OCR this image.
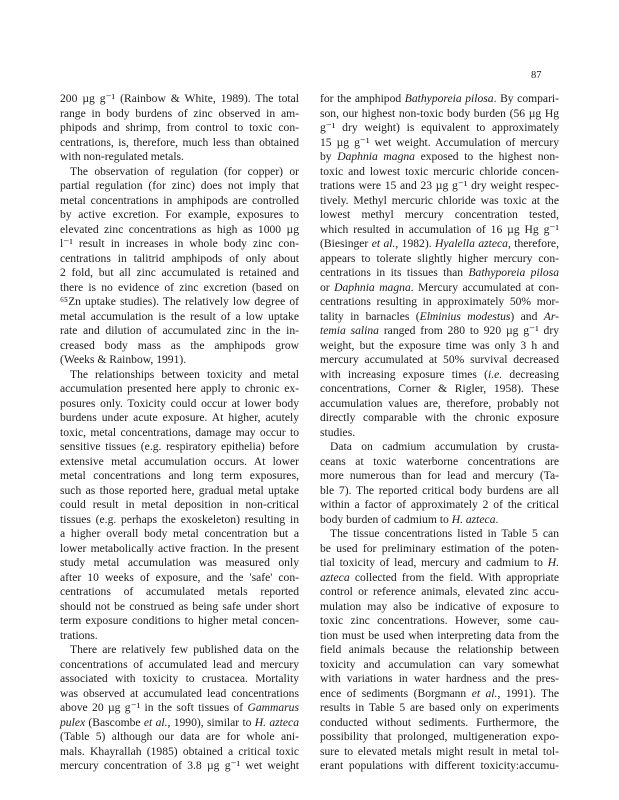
87
200 µg g⁻¹ (Rainbow & White, 1989). The total
range in body burdens of zinc observed in am-
phipods and shrimp, from control to toxic con-
centrations, is, therefore, much less than obtained
with non-regulated metals.
The observation of regulation (for copper) or
partial regulation (for zinc) does not imply that
metal concentrations in amphipods are controlled
by active excretion. For example, exposures to
elevated zinc concentrations as high as 1000 µg
l⁻¹ result in increases in whole body zinc con-
centrations in talitrid amphipods of only about
2 fold, but all zinc accumulated is retained and
there is no evidence of zinc excretion (based on
⁶⁵Zn uptake studies). The relatively low degree of
metal accumulation is the result of a low uptake
rate and dilution of accumulated zinc in the in-
creased body mass as the amphipods grow
(Weeks & Rainbow, 1991).
The relationships between toxicity and metal
accumulation presented here apply to chronic ex-
posures only. Toxicity could occur at lower body
burdens under acute exposure. At higher, acutely
toxic, metal concentrations, damage may occur to
sensitive tissues (e.g. respiratory epithelia) before
extensive metal accumulation occurs. At lower
metal concentrations and long term exposures,
such as those reported here, gradual metal uptake
could result in metal deposition in non-critical
tissues (e.g. perhaps the exoskeleton) resulting in
a higher overall body metal concentration but a
lower metabolically active fraction. In the present
study metal accumulation was measured only
after 10 weeks of exposure, and the 'safe' con-
centrations of accumulated metals reported
should not be construed as being safe under short
term exposure conditions to higher metal concen-
trations.
There are relatively few published data on the
concentrations of accumulated lead and mercury
associated with toxicity to crustacea. Mortality
was observed at accumulated lead concentrations
above 20 µg g⁻¹ in the soft tissues of Gammarus
pulex (Bascombe et al., 1990), similar to H. azteca
(Table 5) although our data are for whole ani-
mals. Khayrallah (1985) obtained a critical toxic
mercury concentration of 3.8 µg g⁻¹ wet weight
for the amphipod Bathyporeia pilosa. By compari-
son, our highest non-toxic body burden (56 µg Hg
g⁻¹ dry weight) is equivalent to approximately
15 µg g⁻¹ wet weight. Accumulation of mercury
by Daphnia magna exposed to the highest non-
toxic and lowest toxic mercuric chloride concen-
trations were 15 and 23 µg g⁻¹ dry weight respec-
tively. Methyl mercuric chloride was toxic at the
lowest methyl mercury concentration tested,
which resulted in accumulation of 16 µg Hg g⁻¹
(Biesinger et al., 1982). Hyalella azteca, therefore,
appears to tolerate slightly higher mercury con-
centrations in its tissues than Bathyporeia pilosa
or Daphnia magna. Mercury accumulated at con-
centrations resulting in approximately 50% mor-
tality in barnacles (Elminius modestus) and Ar-
temia salina ranged from 280 to 920 µg g⁻¹ dry
weight, but the exposure time was only 3 h and
mercury accumulated at 50% survival decreased
with increasing exposure times (i.e. decreasing
concentrations, Corner & Rigler, 1958). These
accumulation values are, therefore, probably not
directly comparable with the chronic exposure
studies.
Data on cadmium accumulation by crusta-
ceans at toxic waterborne concentrations are
more numerous than for lead and mercury (Ta-
ble 7). The reported critical body burdens are all
within a factor of approximately 2 of the critical
body burden of cadmium to H. azteca.
The tissue concentrations listed in Table 5 can
be used for preliminary estimation of the poten-
tial toxicity of lead, mercury and cadmium to H.
azteca collected from the field. With appropriate
control or reference animals, elevated zinc accu-
mulation may also be indicative of exposure to
toxic zinc concentrations. However, some cau-
tion must be used when interpreting data from the
field animals because the relationship between
toxicity and accumulation can vary somewhat
with variations in water hardness and the pres-
ence of sediments (Borgmann et al., 1991). The
results in Table 5 are based only on experiments
conducted without sediments. Furthermore, the
possibility that prolonged, multigeneration expo-
sure to elevated metals might result in metal tol-
erant populations with different toxicity:accumu-
